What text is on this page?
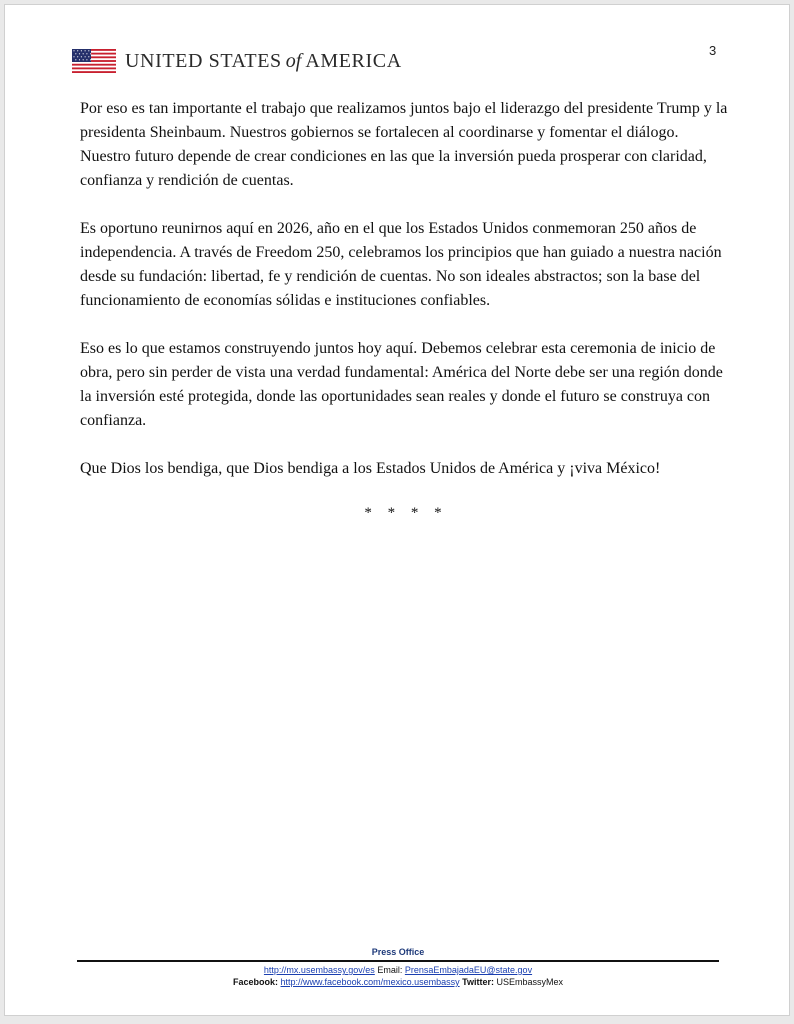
3
UNITED STATES of AMERICA

Por eso es tan importante el trabajo que realizamos juntos bajo el liderazgo del presidente Trump y la presidenta Sheinbaum. Nuestros gobiernos se fortalecen al coordinarse y fomentar el diálogo. Nuestro futuro depende de crear condiciones en las que la inversión pueda prosperar con claridad, confianza y rendición de cuentas.

Es oportuno reunirnos aquí en 2026, año en el que los Estados Unidos conmemoran 250 años de independencia. A través de Freedom 250, celebramos los principios que han guiado a nuestra nación desde su fundación: libertad, fe y rendición de cuentas. No son ideales abstractos; son la base del funcionamiento de economías sólidas e instituciones confiables.

Eso es lo que estamos construyendo juntos hoy aquí. Debemos celebrar esta ceremonia de inicio de obra, pero sin perder de vista una verdad fundamental: América del Norte debe ser una región donde la inversión esté protegida, donde las oportunidades sean reales y donde el futuro se construya con confianza.

Que Dios los bendiga, que Dios bendiga a los Estados Unidos de América y ¡viva México!

* * * *
Press Office
http://mx.usembassy.gov/es Email: PrensaEmbajadaEU@state.gov
Facebook: http://www.facebook.com/mexico.usembassy Twitter: USEmbassyMex
